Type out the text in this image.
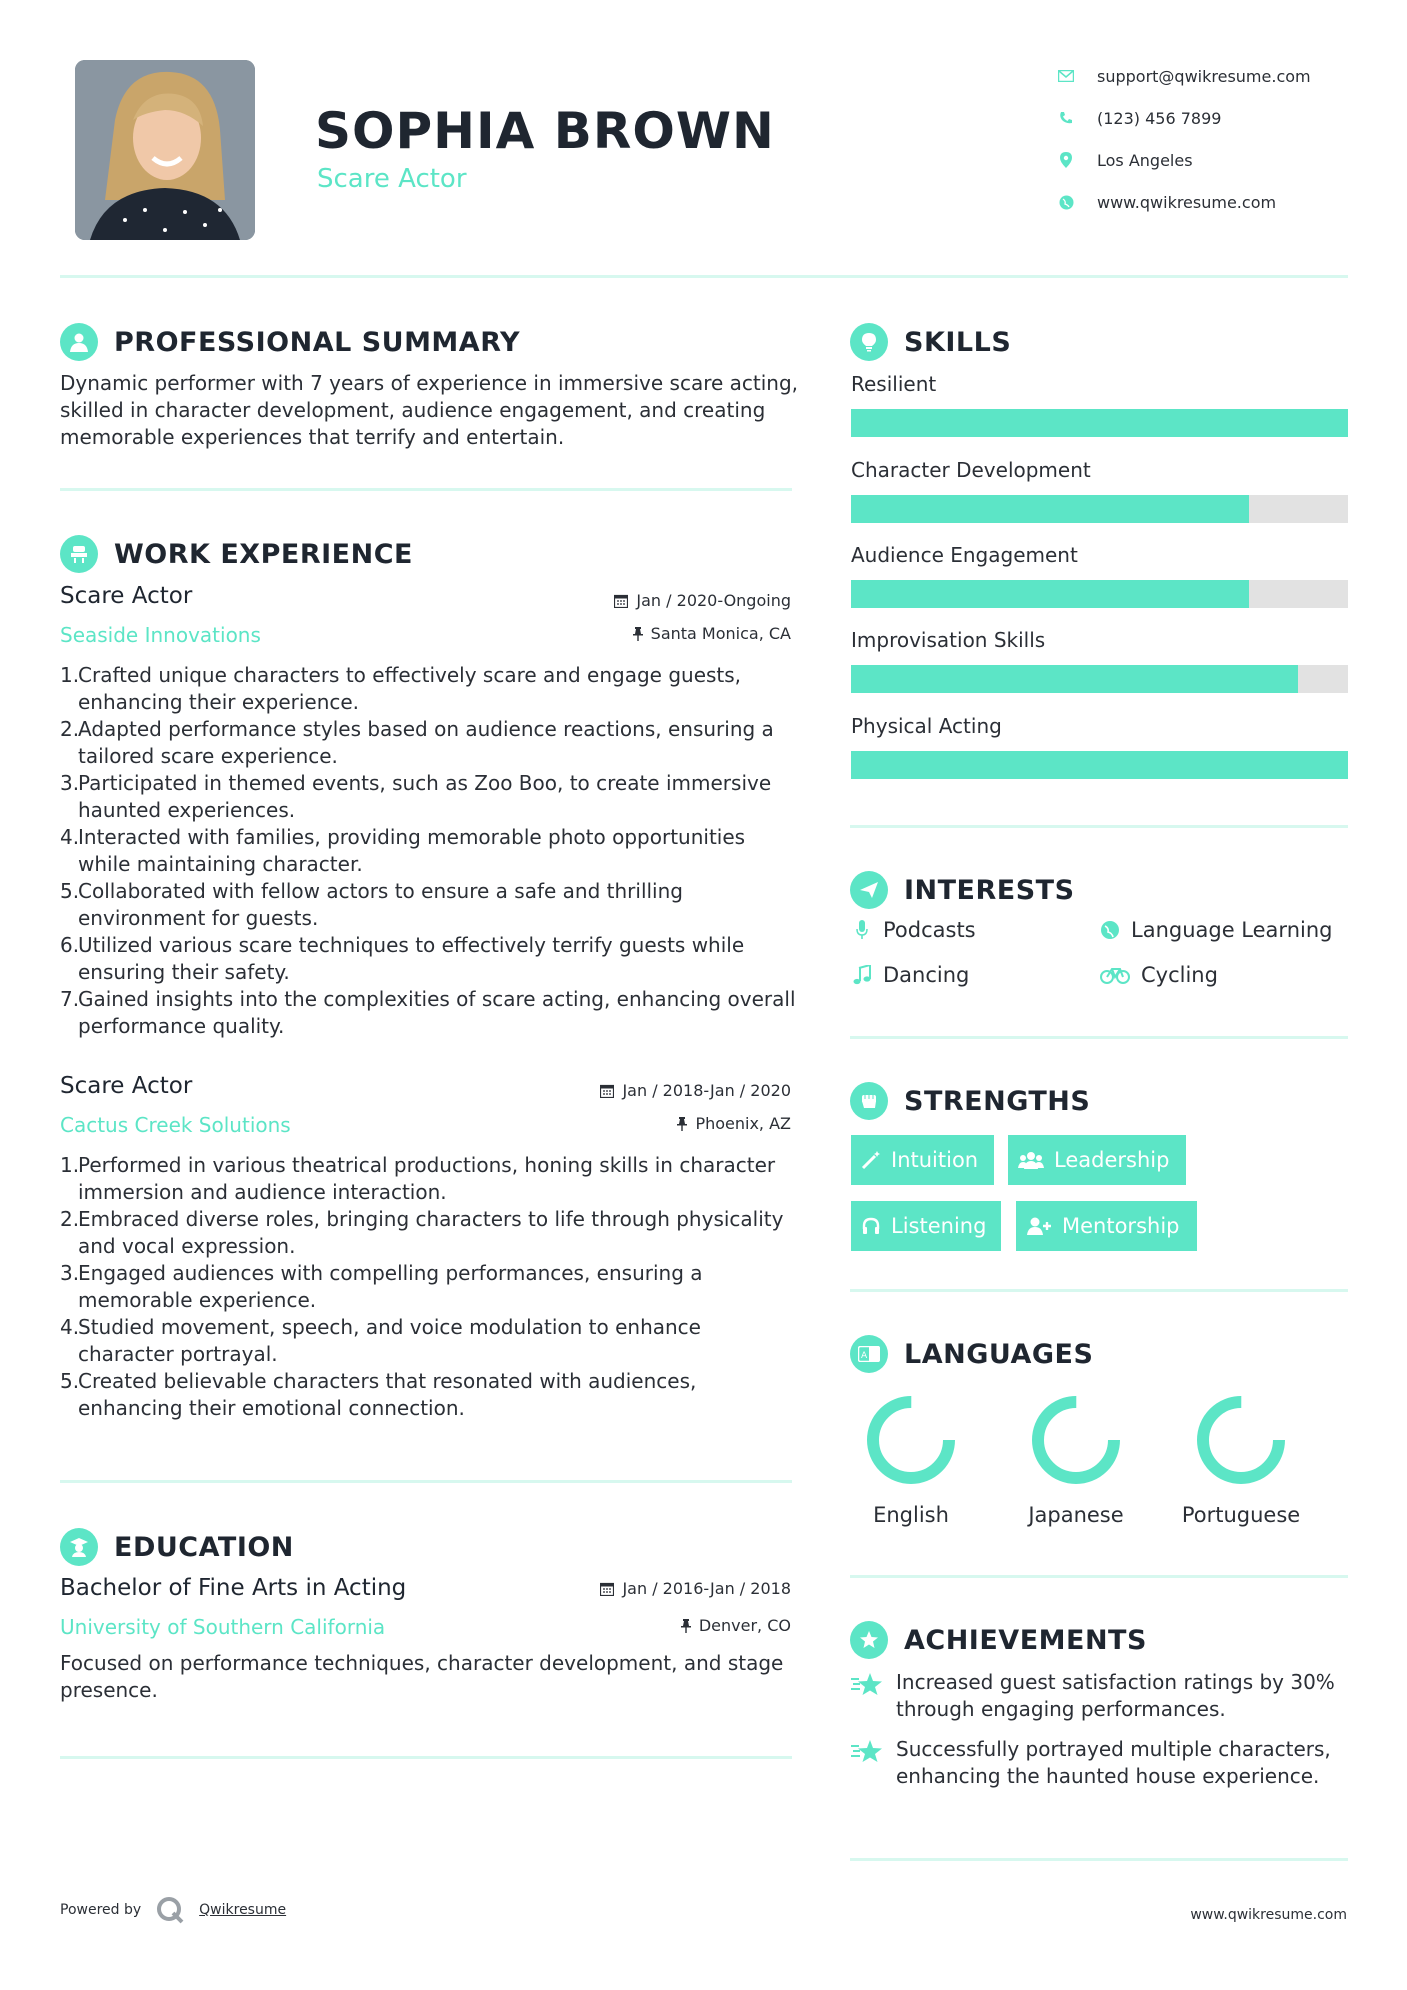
SOPHIA BROWN
Scare Actor
support@qwikresume.com
(123) 456 7899
Los Angeles
www.qwikresume.com
PROFESSIONAL SUMMARY
Dynamic performer with 7 years of experience in immersive scare acting, skilled in character development, audience engagement, and creating memorable experiences that terrify and entertain.
WORK EXPERIENCE
Scare Actor	Jan / 2020-Ongoing
Seaside Innovations	Santa Monica, CA
1.
Crafted unique characters to effectively scare and engage guests, enhancing their experience.
2.
Adapted performance styles based on audience reactions, ensuring a tailored scare experience.
3.
Participated in themed events, such as Zoo Boo, to create immersive haunted experiences.
4.
Interacted with families, providing memorable photo opportunities while maintaining character.
5.
Collaborated with fellow actors to ensure a safe and thrilling environment for guests.
6.
Utilized various scare techniques to effectively terrify guests while ensuring their safety.
7.
Gained insights into the complexities of scare acting, enhancing overall performance quality.
Scare Actor	Jan / 2018-Jan / 2020
Cactus Creek Solutions	Phoenix, AZ
1.
Performed in various theatrical productions, honing skills in character immersion and audience interaction.
2.
Embraced diverse roles, bringing characters to life through physicality and vocal expression.
3.
Engaged audiences with compelling performances, ensuring a memorable experience.
4.
Studied movement, speech, and voice modulation to enhance character portrayal.
5.
Created believable characters that resonated with audiences, enhancing their emotional connection.
EDUCATION
Bachelor of Fine Arts in Acting	Jan / 2016-Jan / 2018
University of Southern California	Denver, CO
Focused on performance techniques, character development, and stage presence.
SKILLS
Resilient
Character Development
Audience Engagement
Improvisation Skills
Physical Acting
INTERESTS
Podcasts	Language Learning
Dancing	Cycling
STRENGTHS
Intuition	Leadership
Listening	Mentorship
A LANGUAGES
English	Japanese	Portuguese
ACHIEVEMENTS
Increased guest satisfaction ratings by 30% through engaging performances.
Successfully portrayed multiple characters, enhancing the haunted house experience.
Powered by	Qwikresume	www.qwikresume.com
